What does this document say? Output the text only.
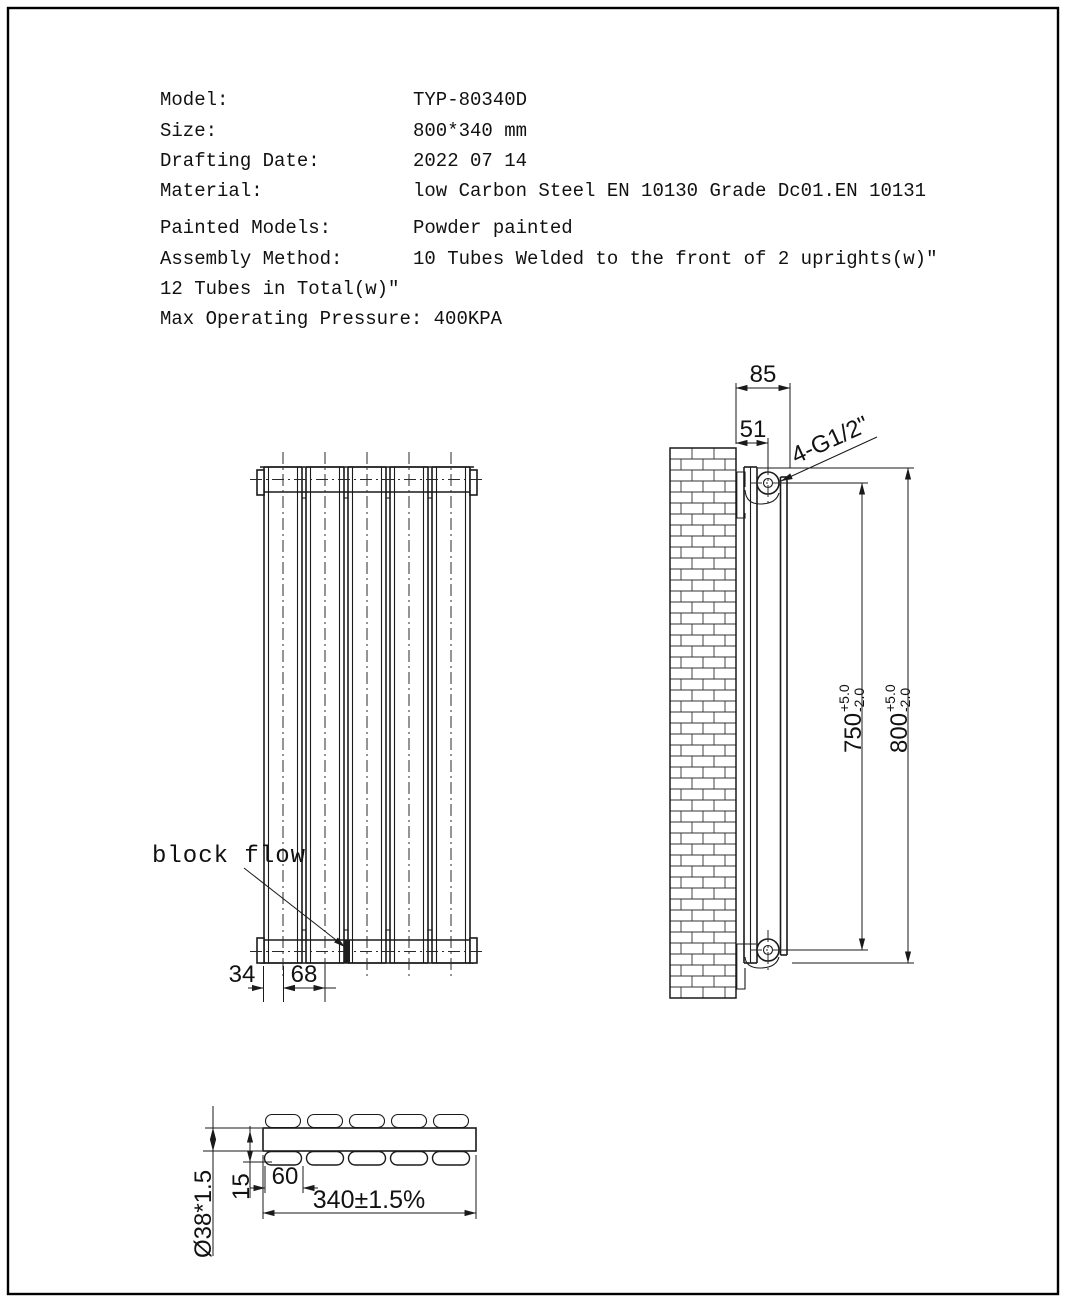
Model:	TYP-80340D
Size:	800*340 mm
Drafting Date:	2022 07 14
Material:	low Carbon Steel EN 10130 Grade Dc01.EN 10131
Painted Models:	Powder painted
Assembly Method:	10 Tubes Welded to the front of 2 uprights(w)"
12 Tubes in Total(w)"
Max Operating Pressure: 400KPA
block flow
34 68
85
51 4-G1/2"
750
+5.0 -2.0
800
+5.0 -2.0
Ø38*1.5 15 60
340±1.5%
